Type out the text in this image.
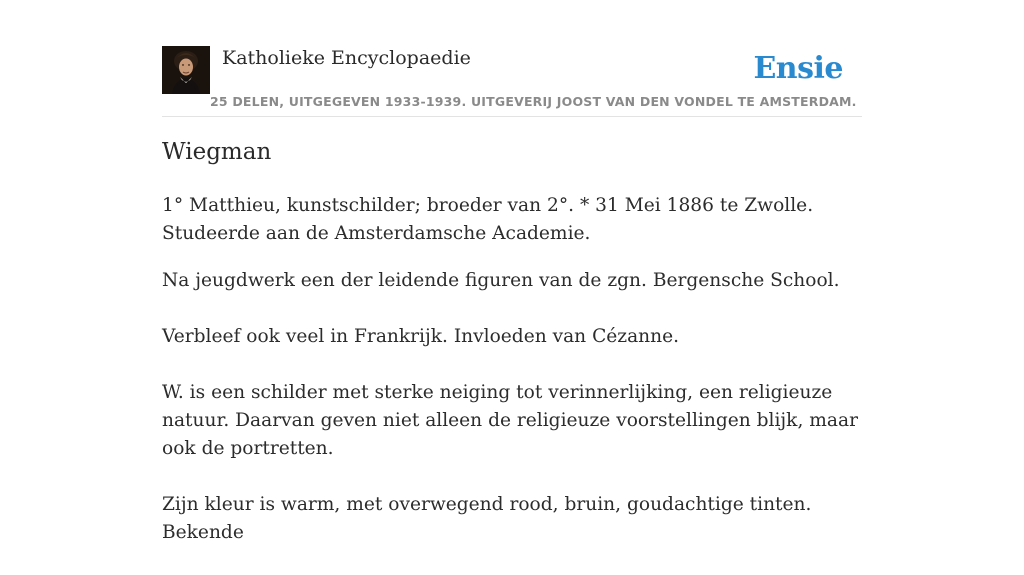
Katholieke Encyclopaedie
25 DELEN, UITGEGEVEN 1933-1939. UITGEVERIJ JOOST VAN DEN VONDEL TE AMSTERDAM.
Ensie
Wiegman

1° Matthieu, kunstschilder; broeder van 2°. * 31 Mei 1886 te Zwolle. Studeerde aan de Amsterdamsche Academie.

Na jeugdwerk een der leidende figuren van de zgn. Bergensche School.

Verbleef ook veel in Frankrijk. Invloeden van Cézanne.

W. is een schilder met sterke neiging tot verinnerlijking, een religieuze natuur. Daarvan geven niet alleen de religieuze voorstellingen blijk, maar ook de portretten.

Zijn kleur is warm, met overwegend rood, bruin, goudachtige tinten. Bekende
